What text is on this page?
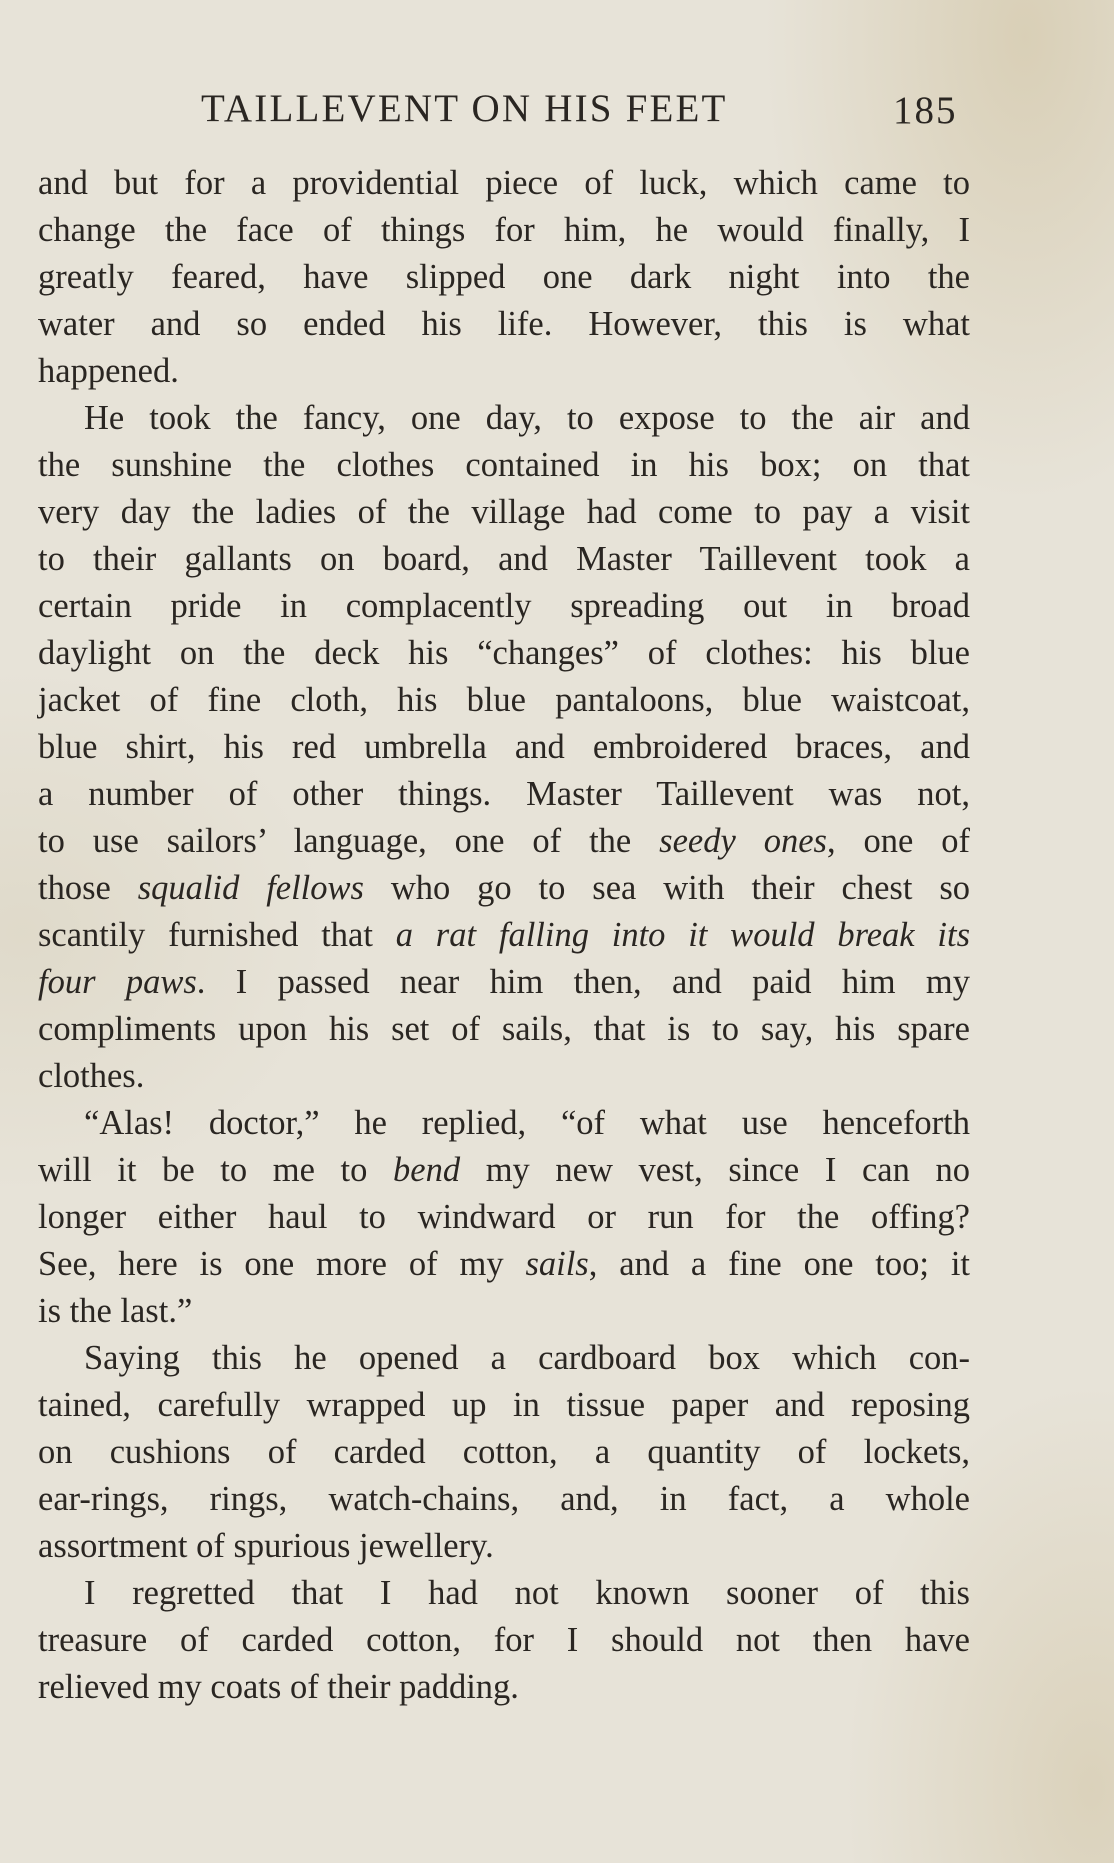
TAILLEVENT ON HIS FEET	185
and but for a providential piece of luck, which came to
change the face of things for him, he would finally, I
greatly feared, have slipped one dark night into the
water and so ended his life. However, this is what
happened.
He took the fancy, one day, to expose to the air and
the sunshine the clothes contained in his box; on that
very day the ladies of the village had come to pay a visit
to their gallants on board, and Master Taillevent took a
certain pride in complacently spreading out in broad
daylight on the deck his “changes” of clothes: his blue
jacket of fine cloth, his blue pantaloons, blue waistcoat,
blue shirt, his red umbrella and embroidered braces, and
a number of other things. Master Taillevent was not,
to use sailors’ language, one of the seedy ones, one of
those squalid fellows who go to sea with their chest so
scantily furnished that a rat falling into it would break its
four paws. I passed near him then, and paid him my
compliments upon his set of sails, that is to say, his spare
clothes.
“Alas! doctor,” he replied, “of what use henceforth
will it be to me to bend my new vest, since I can no
longer either haul to windward or run for the offing?
See, here is one more of my sails, and a fine one too; it
is the last.”
Saying this he opened a cardboard box which con-
tained, carefully wrapped up in tissue paper and reposing
on cushions of carded cotton, a quantity of lockets,
ear-rings, rings, watch-chains, and, in fact, a whole
assortment of spurious jewellery.
I regretted that I had not known sooner of this
treasure of carded cotton, for I should not then have
relieved my coats of their padding.
